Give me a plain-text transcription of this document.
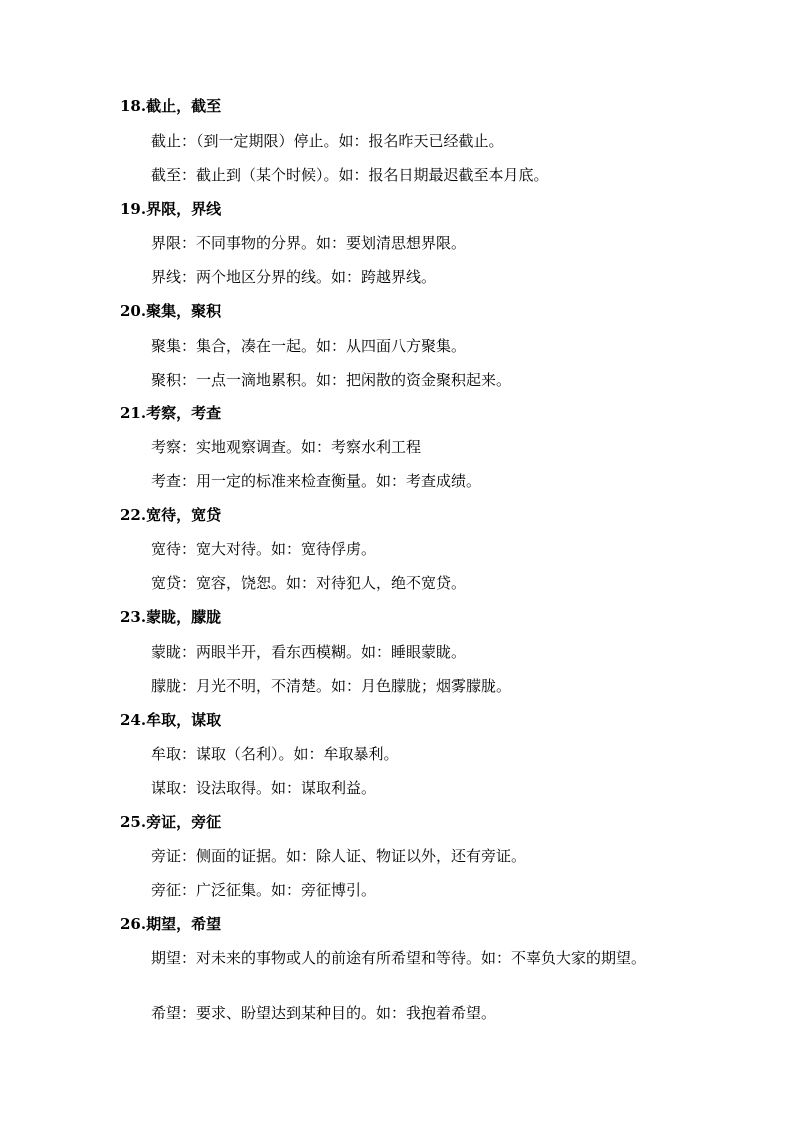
18.截止，截至
截止：（到一定期限）停止。如：报名昨天已经截止。
截至：截止到（某个时候）。如：报名日期最迟截至本月底。
19.界限，界线
界限：不同事物的分界。如：要划清思想界限。
界线：两个地区分界的线。如：跨越界线。
20.聚集，聚积
聚集：集合，凑在一起。如：从四面八方聚集。
聚积：一点一滴地累积。如：把闲散的资金聚积起来。
21.考察，考查
考察：实地观察调查。如：考察水利工程
考查：用一定的标准来检查衡量。如：考查成绩。
22.宽待，宽贷
宽待：宽大对待。如：宽待俘虏。
宽贷：宽容，饶恕。如：对待犯人，绝不宽贷。
23.蒙眬，朦胧
蒙眬：两眼半开，看东西模糊。如：睡眼蒙眬。
朦胧：月光不明，不清楚。如：月色朦胧；烟雾朦胧。
24.牟取，谋取
牟取：谋取（名利）。如：牟取暴利。
谋取：设法取得。如：谋取利益。
25.旁证，旁征
旁证：侧面的证据。如：除人证、物证以外，还有旁证。
旁征：广泛征集。如：旁征博引。
26.期望，希望
期望：对未来的事物或人的前途有所希望和等待。如：不辜负大家的期望。
希望：要求、盼望达到某种目的。如：我抱着希望。
